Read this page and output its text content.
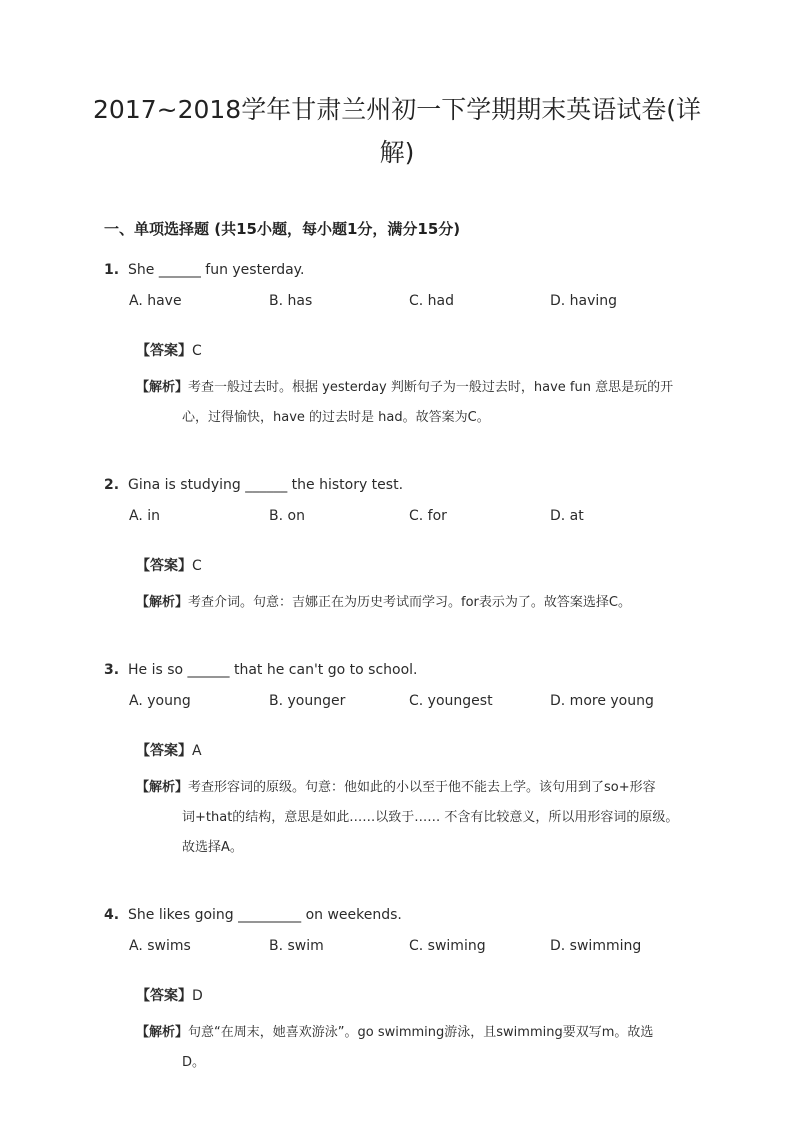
2017~2018学年甘肃兰州初一下学期期末英语试卷(详
解)
一、单项选择题 (共15小题，每小题1分，满分15分)
1. She ______ fun yesterday.
A. have	B. has	C. had	D. having
【答案】C
【解析】考查一般过去时。根据 yesterday 判断句子为一般过去时，have fun 意思是玩的开
心，过得愉快，have 的过去时是 had。故答案为C。
2. Gina is studying ______ the history test.
A. in	B. on	C. for	D. at
【答案】C
【解析】考查介词。句意：吉娜正在为历史考试而学习。for表示为了。故答案选择C。
3. He is so ______ that he can't go to school.
A. young	B. younger	C. youngest	D. more young
【答案】A
【解析】考查形容词的原级。句意：他如此的小以至于他不能去上学。该句用到了so+形容
词+that的结构，意思是如此……以致于…… 不含有比较意义，所以用形容词的原级。
故选择A。
4. She likes going _________ on weekends.
A. swims	B. swim	C. swiming	D. swimming
【答案】D
【解析】句意“在周末，她喜欢游泳”。go swimming游泳，且swimming要双写m。故选
D。
